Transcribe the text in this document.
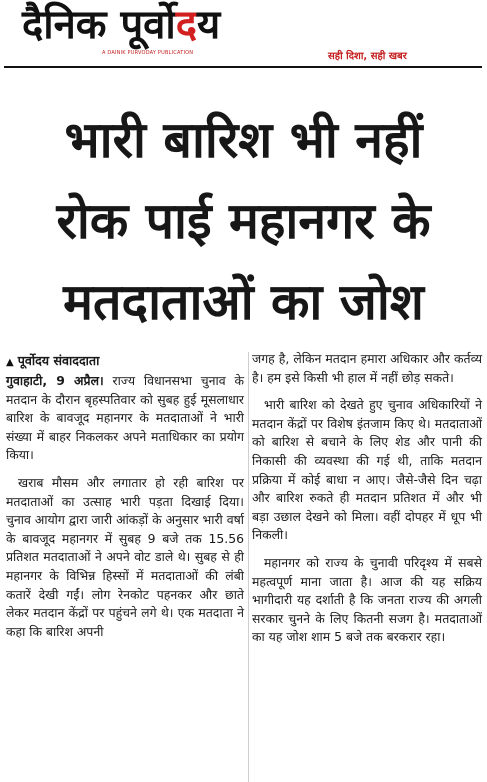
दैनिक पूर्वोदय
A DAINIK PURVODAY PUBLICATION	सही दिशा, सही खबर
भारी बारिश भी नहीं
रोक पाई महानगर के
मतदाताओं का जोश
▲ पूर्वोदय संवाददाता

गुवाहाटी, 9 अप्रैल। राज्य विधानसभा चुनाव के मतदान के दौरान बृहस्पतिवार को सुबह हुई मूसलाधार बारिश के बावजूद महानगर के मतदाताओं ने भारी संख्या में बाहर निकलकर अपने मताधिकार का प्रयोग किया।

खराब मौसम और लगातार हो रही बारिश पर मतदाताओं का उत्साह भारी पड़ता दिखाई दिया। चुनाव आयोग द्वारा जारी आंकड़ों के अनुसार भारी वर्षा के बावजूद महानगर में सुबह 9 बजे तक 15.56 प्रतिशत मतदाताओं ने अपने वोट डाले थे। सुबह से ही महानगर के विभिन्न हिस्सों में मतदाताओं की लंबी कतारें देखी गईं। लोग रेनकोट पहनकर और छाते लेकर मतदान केंद्रों पर पहुंचने लगे थे। एक मतदाता ने कहा कि बारिश अपनी

जगह है, लेकिन मतदान हमारा अधिकार और कर्तव्य है। हम इसे किसी भी हाल में नहीं छोड़ सकते।

भारी बारिश को देखते हुए चुनाव अधिकारियों ने मतदान केंद्रों पर विशेष इंतजाम किए थे। मतदाताओं को बारिश से बचाने के लिए शेड और पानी की निकासी की व्यवस्था की गई थी, ताकि मतदान प्रक्रिया में कोई बाधा न आए। जैसे-जैसे दिन चढ़ा और बारिश रुकते ही मतदान प्रतिशत में और भी बड़ा उछाल देखने को मिला। वहीं दोपहर में धूप भी निकली।

महानगर को राज्य के चुनावी परिदृश्य में सबसे महत्वपूर्ण माना जाता है। आज की यह सक्रिय भागीदारी यह दर्शाती है कि जनता राज्य की अगली सरकार चुनने के लिए कितनी सजग है। मतदाताओं का यह जोश शाम 5 बजे तक बरकरार रहा।
